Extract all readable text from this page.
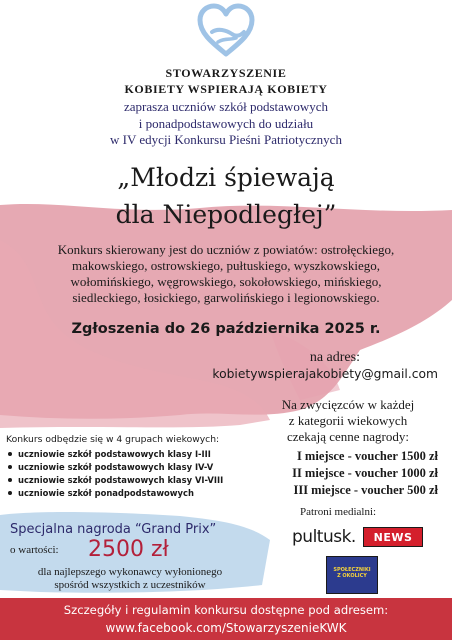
STOWARZYSZENIE
KOBIETY WSPIERAJĄ KOBIETY
zaprasza uczniów szkół podstawowych
i ponadpodstawowych do udziału
w IV edycji Konkursu Pieśni Patriotycznych
„Młodzi śpiewają
dla Niepodległej”
Konkurs skierowany jest do uczniów z powiatów: ostrołęckiego,
makowskiego, ostrowskiego, pułtuskiego, wyszkowskiego,
wołomińskiego, węgrowskiego, sokołowskiego, mińskiego,
siedleckiego, łosickiego, garwolińskiego i legionowskiego.
Zgłoszenia do 26 października 2025 r.
na adres:
kobietywspierajakobiety@gmail.com
Na zwycięzców w każdej
z kategorii wiekowych
czekają cenne nagrody:
I miejsce - voucher 1500 zł
II miejsce - voucher 1000 zł
III miejsce - voucher 500 zł
Konkurs odbędzie się w 4 grupach wiekowych:
uczniowie szkół podstawowych klasy I-III
uczniowie szkół podstawowych klasy IV-V
uczniowie szkół podstawowych klasy VI-VIII
uczniowie szkół ponadpodstawowych
Specjalna nagroda “Grand Prix”
o wartości: 2500 zł
dla najlepszego wykonawcy wyłonionego
spośród wszystkich z uczestników
Patroni medialni:
pultusk. NEWS
SPOŁECZNIKI
Z OKOLICY
Szczegóły i regulamin konkursu dostępne pod adresem:
www.facebook.com/StowarzyszenieKWK
